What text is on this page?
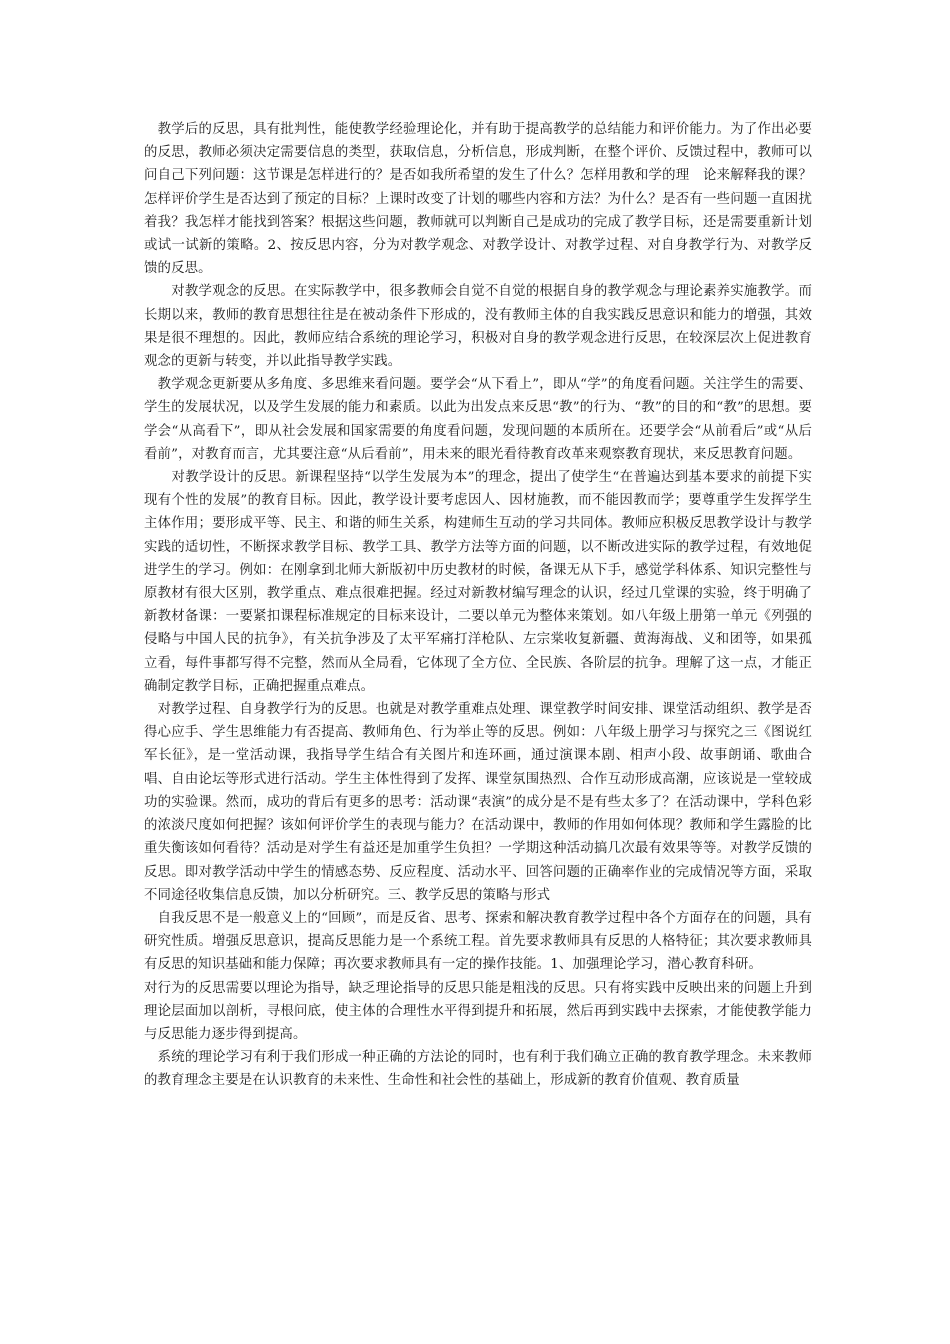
　教学后的反思，具有批判性，能使教学经验理论化，并有助于提高教学的总结能力和评价能力。为了作出必要的反思，教师必须决定需要信息的类型，获取信息，分析信息，形成判断，在整个评价、反馈过程中，教师可以问自己下列问题：这节课是怎样进行的？是否如我所希望的发生了什么？怎样用教和学的理　论来解释我的课？怎样评价学生是否达到了预定的目标？上课时改变了计划的哪些内容和方法？为什么？是否有一些问题一直困扰着我？我怎样才能找到答案？根据这些问题，教师就可以判断自己是成功的完成了教学目标，还是需要重新计划或试一试新的策略。2、按反思内容，分为对教学观念、对教学设计、对教学过程、对自身教学行为、对教学反馈的反思。

　　对教学观念的反思。在实际教学中，很多教师会自觉不自觉的根据自身的教学观念与理论素养实施教学。而长期以来，教师的教育思想往往是在被动条件下形成的，没有教师主体的自我实践反思意识和能力的增强，其效果是很不理想的。因此，教师应结合系统的理论学习，积极对自身的教学观念进行反思，在较深层次上促进教育观念的更新与转变，并以此指导教学实践。

　教学观念更新要从多角度、多思维来看问题。要学会“从下看上”，即从“学”的角度看问题。关注学生的需要、学生的发展状况，以及学生发展的能力和素质。以此为出发点来反思“教”的行为、“教”的目的和“教”的思想。要学会“从高看下”，即从社会发展和国家需要的角度看问题，发现问题的本质所在。还要学会“从前看后”或“从后看前”，对教育而言，尤其要注意“从后看前”，用未来的眼光看待教育改革来观察教育现状，来反思教育问题。

　　对教学设计的反思。新课程坚持“以学生发展为本”的理念，提出了使学生“在普遍达到基本要求的前提下实现有个性的发展”的教育目标。因此，教学设计要考虑因人、因材施教，而不能因教而学；要尊重学生发挥学生主体作用；要形成平等、民主、和谐的师生关系，构建师生互动的学习共同体。教师应积极反思教学设计与教学实践的适切性，不断探求教学目标、教学工具、教学方法等方面的问题，以不断改进实际的教学过程，有效地促进学生的学习。例如：在刚拿到北师大新版初中历史教材的时候，备课无从下手，感觉学科体系、知识完整性与原教材有很大区别，教学重点、难点很难把握。经过对新教材编写理念的认识，经过几堂课的实验，终于明确了新教材备课：一要紧扣课程标准规定的目标来设计，二要以单元为整体来策划。如八年级上册第一单元《列强的侵略与中国人民的抗争》，有关抗争涉及了太平军痛打洋枪队、左宗棠收复新疆、黄海海战、义和团等，如果孤立看，每件事都写得不完整，然而从全局看，它体现了全方位、全民族、各阶层的抗争。理解了这一点，才能正确制定教学目标，正确把握重点难点。

　对教学过程、自身教学行为的反思。也就是对教学重难点处理、课堂教学时间安排、课堂活动组织、教学是否得心应手、学生思维能力有否提高、教师角色、行为举止等的反思。例如：八年级上册学习与探究之三《图说红军长征》，是一堂活动课，我指导学生结合有关图片和连环画，通过演课本剧、相声小段、故事朗诵、歌曲合唱、自由论坛等形式进行活动。学生主体性得到了发挥、课堂氛围热烈、合作互动形成高潮，应该说是一堂较成功的实验课。然而，成功的背后有更多的思考：活动课“表演”的成分是不是有些太多了？在活动课中，学科色彩的浓淡尺度如何把握？该如何评价学生的表现与能力？在活动课中，教师的作用如何体现？教师和学生露脸的比重失衡该如何看待？活动是对学生有益还是加重学生负担？一学期这种活动搞几次最有效果等等。对教学反馈的反思。即对教学活动中学生的情感态势、反应程度、活动水平、回答问题的正确率作业的完成情况等方面，采取不同途径收集信息反馈，加以分析研究。三、教学反思的策略与形式

　自我反思不是一般意义上的“回顾”，而是反省、思考、探索和解决教育教学过程中各个方面存在的问题，具有研究性质。增强反思意识，提高反思能力是一个系统工程。首先要求教师具有反思的人格特征；其次要求教师具有反思的知识基础和能力保障；再次要求教师具有一定的操作技能。1、加强理论学习，潜心教育科研。

对行为的反思需要以理论为指导，缺乏理论指导的反思只能是粗浅的反思。只有将实践中反映出来的问题上升到理论层面加以剖析，寻根问底，使主体的合理性水平得到提升和拓展，然后再到实践中去探索，才能使教学能力与反思能力逐步得到提高。

　系统的理论学习有利于我们形成一种正确的方法论的同时，也有利于我们确立正确的教育教学理念。未来教师的教育理念主要是在认识教育的未来性、生命性和社会性的基础上，形成新的教育价值观、教育质量
